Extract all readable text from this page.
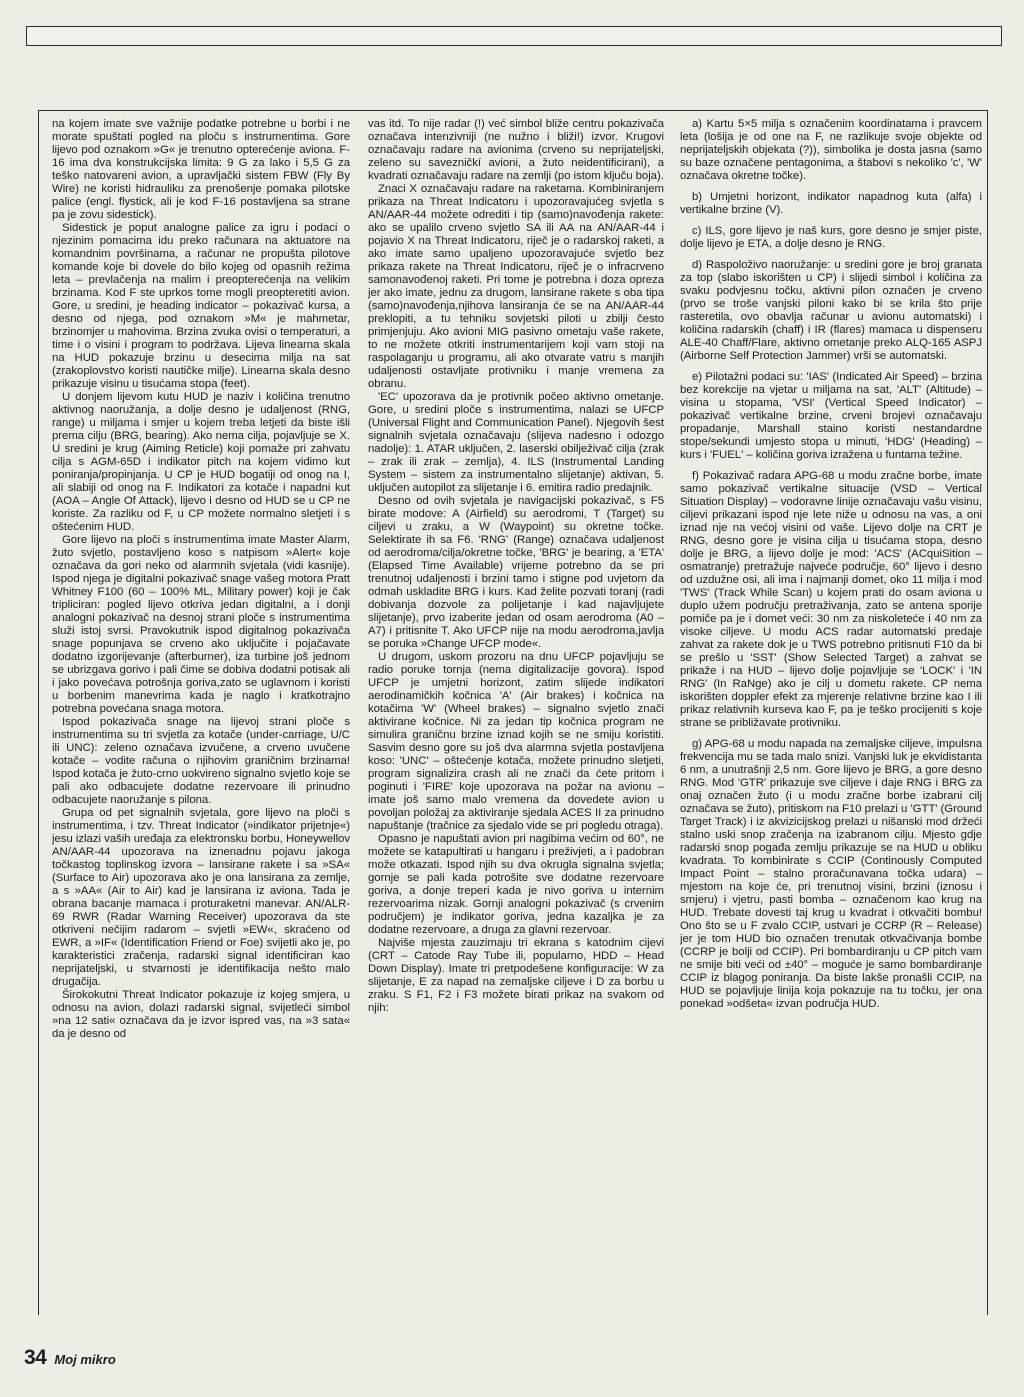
na kojem imate sve važnije podatke potrebne u borbi i ne morate spuštati pogled na ploču s instrumentima. Gore lijevo pod oznakom »G« je trenutno opterećenje aviona. F-16 ima dva konstrukcijska limita: 9 G za lako i 5,5 G za teško natovareni avion, a upravljački sistem FBW (Fly By Wire) ne koristi hidrauliku za prenošenje pomaka pilotske palice (engl. flystick, ali je kod F-16 postavljena sa strane pa je zovu sidestick).

Sidestick je poput analogne palice za igru i podaci o njezinim pomacima idu preko računara na aktuatore na komandnim površinama, a računar ne propušta pilotove komande koje bi dovele do bilo kojeg od opasnih režima leta – prevlačenja na malim i preopterećenja na velikim brzinama. Kod F ste uprkos tome mogli preopteretiti avion. Gore, u sredini, je heading indicator – pokazivač kursa, a desno od njega, pod oznakom »M« je mahmetar, brzinomjer u mahovima. Brzina zvuka ovisi o temperaturi, a time i o visini i program to podržava. Lijeva linearna skala na HUD pokazuje brzinu u desecima milja na sat (zrakoplovstvo koristi nautičke milje). Linearna skala desno prikazuje visinu u tisućama stopa (feet).

U donjem lijevom kutu HUD je naziv i količina trenutno aktivnog naoružanja, a dolje desno je udaljenost (RNG, range) u miljama i smjer u kojem treba letjeti da biste išli prema cilju (BRG, bearing). Ako nema cilja, pojavljuje se X. U sredini je krug (Aiming Reticle) koji pomaže pri zahvatu cilja s AGM-65D i indikator pitch na kojem vidimo kut poniranja/propinjanja. U CP je HUD bogatiji od onog na I, ali slabiji od onog na F. Indikatori za kotače i napadni kut (AOA – Angle Of Attack), lijevo i desno od HUD se u CP ne koriste. Za razliku od F, u CP možete normalno sletjeti i s oštećenim HUD.

Gore lijevo na ploči s instrumentima imate Master Alarm, žuto svjetlo, postavljeno koso s natpisom »Alert« koje označava da gori neko od alarmnih svjetala (vidi kasnije). Ispod njega je digitalni pokazivač snage vašeg motora Pratt Whitney F100 (60 – 100% ML, Military power) koji je čak tripliciran: pogled lijevo otkriva jedan digitalni, a i donji analogni pokazivač na desnoj strani ploče s instrumentima služi istoj svrsi. Pravokutnik ispod digitalnog pokazivača snage popunjava se crveno ako uključite i pojačavate dodatno izgorijevanje (afterburner), iza turbine još jednom se ubrizgava gorivo i pali čime se dobiva dodatni potisak ali i jako povećava potrošnja goriva,zato se uglavnom i koristi u borbenim manevrima kada je naglo i kratkotrajno potrebna povećana snaga motora.

Ispod pokazivača snage na lijevoj strani ploče s instrumentima su tri svjetla za kotače (under-carriage, U/C ili UNC): zeleno označava izvučene, a crveno uvučene kotače – vodite računa o njihovim graničnim brzinama! Ispod kotača je žuto-crno uokvireno signalno svjetlo koje se pali ako odbacujete dodatne rezervoare ili prinudno odbacujete naoružanje s pilona.

Grupa od pet signalnih svjetala, gore lijevo na ploči s instrumentima, i tzv. Threat Indicator (»indikator prijetnje«) jesu izlazi vaših uređaja za elektronsku borbu, Honeywellov AN/AAR-44 upozorava na iznenadnu pojavu jakoga točkastog toplinskog izvora – lansirane rakete i sa »SA« (Surface to Air) upozorava ako je ona lansirana za zemlje, a s »AA« (Air to Air) kad je lansirana iz aviona. Tada je obrana bacanje mamaca i proturaketni manevar. AN/ALR-69 RWR (Radar Warning Receiver) upozorava da ste otkriveni nečijim radarom – svjetli »EW«, skraćeno od EWR, a »IF« (Identification Friend or Foe) svijetli ako je, po karakteristici zračenja, radarski signal identificiran kao neprijateljski, u stvarnosti je identifikacija nešto malo drugačija.

Širokokutni Threat Indicator pokazuje iz kojeg smjera, u odnosu na avion, dolazi radarski signal, svijetleći simbol »na 12 sati« označava da je izvor ispred vas, na »3 sata« da je desno od

vas itd. To nije radar (!) već simbol bliže centru pokazivača označava intenzivniji (ne nužno i bliži!) izvor. Krugovi označavaju radare na avionima (crveno su neprijateljski, zeleno su savezničkí avioni, a žuto neidentificirani), a kvadrati označavaju radare na zemlji (po istom ključu boja).

Znaci X označavaju radare na raketama. Kombiniranjem prikaza na Threat Indicatoru i upozoravajućeg svjetla s AN/AAR-44 možete odrediti i tip (samo)navođenja rakete: ako se upalilo crveno svjetlo SA ili AA na AN/AAR-44 i pojavio X na Threat Indicatoru, riječ je o radarskoj raketi, a ako imate samo upaljeno upozoravajuće svjetlo bez prikaza rakete na Threat Indicatoru, riječ je o infracrveno samonavođenoj raketi. Pri tome je potrebna i doza opreza jer ako imate, jednu za drugom, lansirane rakete s oba tipa (samo)navođenja,njihova lansiranja će se na AN/AAR-44 preklopiti, a tu tehniku sovjetski piloti u zbilji često primjenjuju. Ako avioni MIG pasivno ometaju vaše rakete, to ne možete otkriti instrumentarijem koji vam stoji na raspolaganju u programu, ali ako otvarate vatru s manjih udaljenosti ostavljate protivniku i manje vremena za obranu.

'EC' upozorava da je protivnik počeo aktivno ometanje. Gore, u sredini ploče s instrumentima, nalazi se UFCP (Universal Flight and Communication Panel). Njegovih šest signalnih svjetala označavaju (slijeva nadesno i odozgo nadolje): 1. ATAR uključen, 2. laserski obilježivač cilja (zrak – zrak ili zrak – zemlja), 4. ILS (Instrumental Landing System – sistem za instrumentalno slijetanje) aktivan, 5. uključen autopilot za slijetanje i 6. emitira radio predajnik.

Desno od ovih svjetala je navigacijski pokazivač, s F5 birate modove: A (Airfield) su aerodromi, T (Target) su ciljevi u zraku, a W (Waypoint) su okretne točke. Selektirate ih sa F6. 'RNG' (Range) označava udaljenost od aerodroma/cilja/okretne točke, 'BRG' je bearing, a 'ETA' (Elapsed Time Available) vrijeme potrebno da se pri trenutnoj udaljenosti i brzini tamo i stigne pod uvjetom da odmah uskladite BRG i kurs. Kad želite pozvati toranj (radi dobivanja dozvole za polijetanje i kad najavljujete slijetanje), prvo izaberite jedan od osam aerodroma (A0 – A7) i pritisnite T. Ako UFCP nije na modu aerodroma,javlja se poruka »Change UFCP mode«.

U drugom, uskom prozoru na dnu UFCP pojavljuju se radio poruke tornja (nema digitalizacije govora). Ispod UFCP je umjetni horizont, zatim slijede indikatori aerodinamičkih kočnica 'A' (Air brakes) i kočnica na kotačima 'W' (Wheel brakes) – signalno svjetlo znači aktivirane kočnice. Ni za jedan tip kočnica program ne simulira graničnu brzine iznad kojih se ne smiju koristiti. Sasvim desno gore su još dva alarmna svjetla postavljena koso: 'UNC' – oštećenje kotača, možete prinudno sletjeti, program signalizira crash ali ne znači da ćete pritom i poginuti i 'FIRE' koje upozorava na požar na avionu – imate još samo malo vremena da dovedete avion u povoljan položaj za aktiviranje sjedala ACES II za prinudno napuštanje (tračnice za sjedalo vide se pri pogledu otraga).

Opasno je napuštati avion pri nagibima većim od 60°, ne možete se katapultirati u hangaru i preživjeti, a i padobran može otkazati. Ispod njih su dva okrugla signalna svjetla; gornje se pali kada potrošite sve dodatne rezervoare goriva, a donje treperi kada je nivo goriva u internim rezervoarima nizak. Gornji analogni pokazivač (s crvenim područjem) je indikator goriva, jedna kazaljka je za dodatne rezervoare, a druga za glavni rezervoar.

Najviše mjesta zauzimaju tri ekrana s katodnim cijevi (CRT – Catode Ray Tube ili, popularno, HDD – Head Down Display). Imate tri pretpodešene konfiguracije: W za slijetanje, E za napad na zemaljske ciljeve i D za borbu u zraku. S F1, F2 i F3 možete birati prikaz na svakom od njih:

a) Kartu 5×5 milja s označenim koordinatama i pravcem leta (lošija je od one na F, ne razlikuje svoje objekte od neprijateljskih objekata (?)), simbolika je dosta jasna (samo su baze označene pentagonima, a štabovi s nekoliko 'c', 'W' označava okretne točke).

b) Umjetni horizont, indikator napadnog kuta (alfa) i vertikalne brzine (V).

c) ILS, gore lijevo je naš kurs, gore desno je smjer piste, dolje lijevo je ETA, a dolje desno je RNG.

d) Raspoloživo naoružanje: u sredini gore je broj granata za top (slabo iskorišten u CP) i slijedi simbol i količina za svaku podvjesnu točku, aktivni pilon označen je crveno (prvo se troše vanjski piloni kako bi se krila što prije rasteretila, ovo obavlja računar u avionu automatski) i količina radarskih (chaff) i IR (flares) mamaca u dispenseru ALE-40 Chaff/Flare, aktivno ometanje preko ALQ-165 ASPJ (Airborne Self Protection Jammer) vrši se automatski.

e) Pilotažni podaci su: 'IAS' (Indicated Air Speed) – brzina bez korekcije na vjetar u miljama na sat, 'ALT' (Altitude) – visina u stopama, 'VSI' (Vertical Speed Indicator) – pokazivač vertikalne brzine, crveni brojevi označavaju propadanje, Marshall staino koristi nestandardne stope/sekundi umjesto stopa u minuti, 'HDG' (Heading) – kurs i 'FUEL' – količina goriva izražena u funtama težine.

f) Pokazivač radara APG-68 u modu zračne borbe, imate samo pokazivač vertikalne situacije (VSD – Vertical Situation Display) – vodoravne linije označavaju vašu visinu, ciljevi prikazani ispod nje lete niže u odnosu na vas, a oni iznad nje na većoj visini od vaše. Lijevo dolje na CRT je RNG, desno gore je visina cilja u tisućama stopa, desno dolje je BRG, a lijevo dolje je mod: 'ACS' (ACquiSition – osmatranje) pretražuje najveće područje, 60° lijevo i desno od uzdužne osi, ali ima i najmanji domet, oko 11 milja i mod 'TWS' (Track While Scan) u kojem prati do osam aviona u duplo užem području pretraživanja, zato se antena sporije pomiče pa je i domet veći: 30 nm za niskoletеće i 40 nm za visoke ciljeve. U modu ACS radar automatski predaje zahvat za rakete dok je u TWS potrebno pritisnuti F10 da bi se prešlo u 'SST' (Show Selected Target) a zahvat se prikaže i na HUD – lijevo dolje pojavljuje se 'LOCK' i 'IN RNG' (In RaNge) ako je cilj u dometu rakete. CP nema iskorišten doppler efekt za mjerenje relativne brzine kao I ili prikaz relativnih kurseva kao F, pa je teško procijeniti s koje strane se približavate protivniku.

g) APG-68 u modu napada na zemaljske ciljeve, impulsna frekvencija mu se tada malo snizi. Vanjski luk je ekvidistanta 6 nm, a unutrašnji 2,5 nm. Gore lijevo je BRG, a gore desno RNG. Mod 'GTR' prikazuje sve ciljeve i daje RNG i BRG za onaj označen žuto (i u modu zračne borbe izabrani cilj označava se žuto), pritiskom na F10 prelazi u 'GTT' (Ground Target Track) i iz akvizicijskog prelazi u nišanski mod držeći stalno uski snop zračenja na izabranom cilju. Mjesto gdje radarski snop pogađa zemlju prikazuje se na HUD u obliku kvadrata. To kombinirate s CCIP (Continously Computed Impact Point – stalno proračunavana točka udara) – mjestom na koje će, pri trenutnoj visini, brzini (iznosu i smjeru) i vjetru, pasti bomba – označenom kao krug na HUD. Trebate dovesti taj krug u kvadrat i otkvačiti bombu! Ono što se u F zvalo CCIP, ustvari je CCRP (R – Release) jer je tom HUD bio označen trenutak otkvačivanja bombe (CCRP je bolji od CCIP). Pri bombardiranju u CP pitch vam ne smije biti veći od ±40° – moguće je samo bombardiranje CCIP iz blagog poniranja. Da biste lakše pronašli CCIP, na HUD se pojavljuje linija koja pokazuje na tu točku, jer ona ponekad »odšeta« izvan područja HUD.

34 Moj mikro
